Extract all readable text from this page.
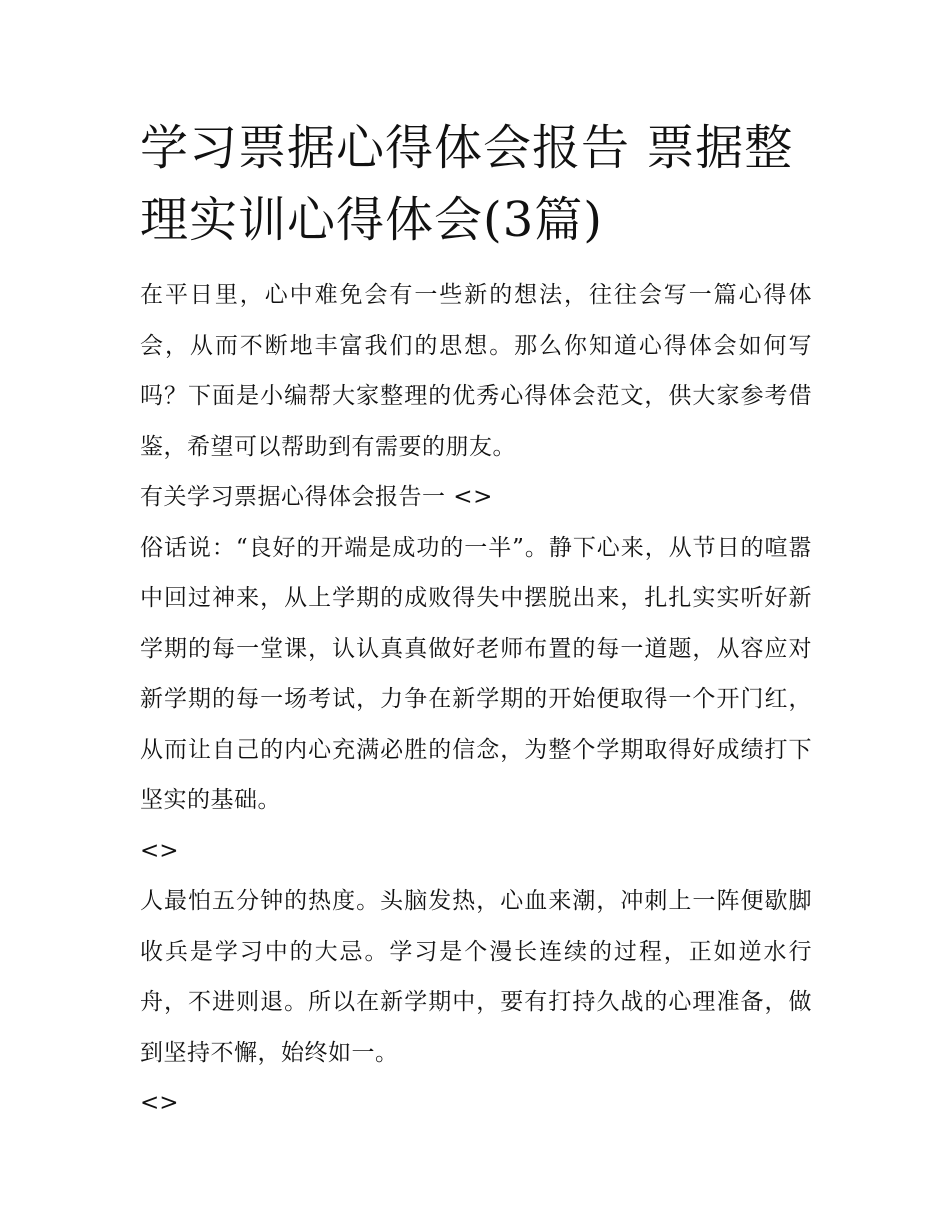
学习票据心得体会报告 票据整理实训心得体会(3篇)

在平日里，心中难免会有一些新的想法，往往会写一篇心得体会，从而不断地丰富我们的思想。那么你知道心得体会如何写吗？下面是小编帮大家整理的优秀心得体会范文，供大家参考借鉴，希望可以帮助到有需要的朋友。

有关学习票据心得体会报告一 <>

俗话说：“良好的开端是成功的一半”。静下心来，从节日的喧嚣中回过神来，从上学期的成败得失中摆脱出来，扎扎实实听好新学期的每一堂课，认认真真做好老师布置的每一道题，从容应对新学期的每一场考试，力争在新学期的开始便取得一个开门红，从而让自己的内心充满必胜的信念，为整个学期取得好成绩打下坚实的基础。

<>

人最怕五分钟的热度。头脑发热，心血来潮，冲刺上一阵便歇脚收兵是学习中的大忌。学习是个漫长连续的过程，正如逆水行舟，不进则退。所以在新学期中，要有打持久战的心理准备，做到坚持不懈，始终如一。

<>
